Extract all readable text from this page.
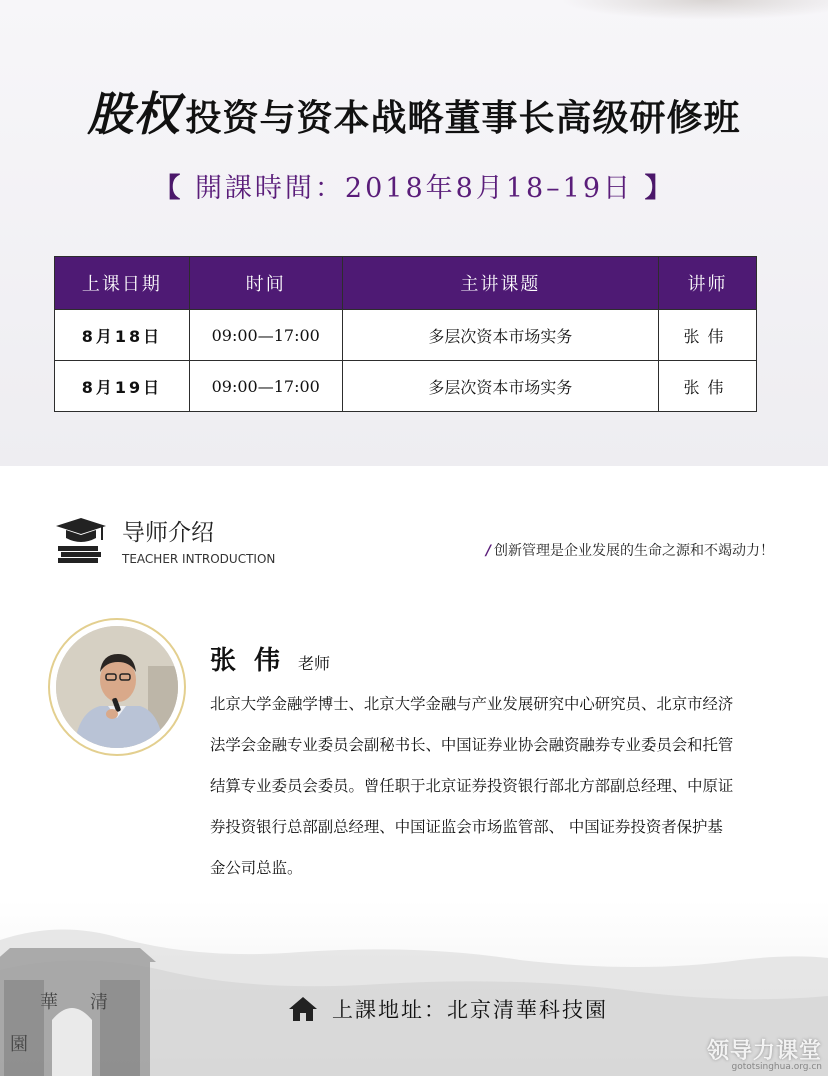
股权 投资与资本战略董事长高级研修班
【 開課時間：2018年8月18–19日 】
上课日期	时间	主讲课题	讲师
8月18日	09:00—17:00	多层次资本市场实务	张伟
8月19日	09:00—17:00	多层次资本市场实务	张伟
导师介绍
TEACHER INTRODUCTION	/ 创新管理是企业发展的生命之源和不竭动力！
张伟老师
北京大学金融学博士、北京大学金融与产业发展研究中心研究员、北京市经济法学会金融专业委员会副秘书长、中国证券业协会融资融券专业委员会和托管结算专业委员会委员。曾任职于北京证券投资银行部北方部副总经理、中原证券投资银行总部副总经理、中国证监会市场监管部、 中国证券投资者保护基金公司总监。
華 清
園
上課地址：北京清華科技園
领导力课堂
gototsinghua.org.cn
